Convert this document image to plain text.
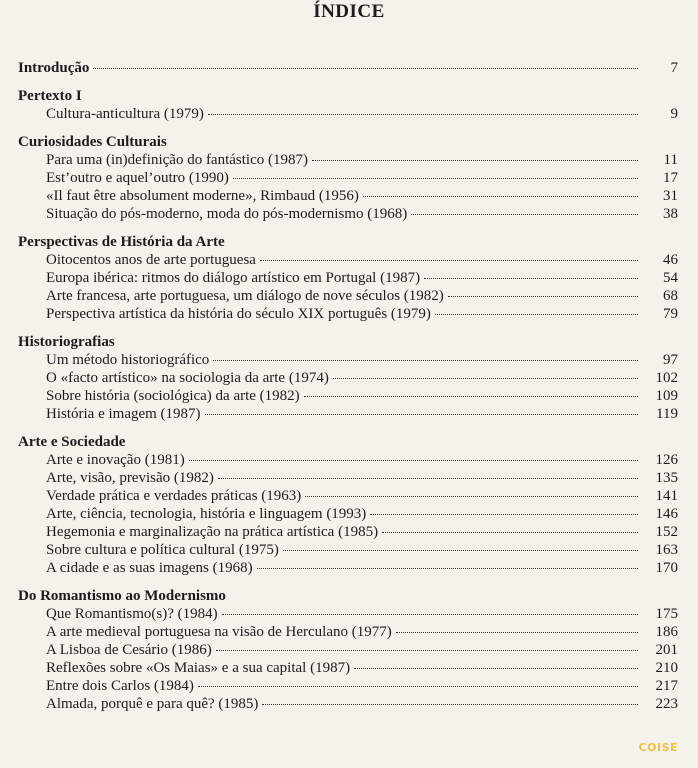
ÍNDICE
Introdução	7
Pertexto I
Cultura-anticultura (1979)	9
Curiosidades Culturais
Para uma (in)definição do fantástico (1987)	11
Est’outro e aquel’outro (1990)	17
«Il faut être absolument moderne», Rimbaud (1956)	31
Situação do pós-moderno, moda do pós-modernismo (1968)	38
Perspectivas de História da Arte
Oitocentos anos de arte portuguesa	46
Europa ibérica: ritmos do diálogo artístico em Portugal (1987)	54
Arte francesa, arte portuguesa, um diálogo de nove séculos (1982)	68
Perspectiva artística da história do século XIX português (1979)	79
Historiografias
Um método historiográfico	97
O «facto artístico» na sociologia da arte (1974)	102
Sobre história (sociológica) da arte (1982)	109
História e imagem (1987)	119
Arte e Sociedade
Arte e inovação (1981)	126
Arte, visão, previsão (1982)	135
Verdade prática e verdades práticas (1963)	141
Arte, ciência, tecnologia, história e linguagem (1993)	146
Hegemonia e marginalização na prática artística (1985)	152
Sobre cultura e política cultural (1975)	163
A cidade e as suas imagens (1968)	170
Do Romantismo ao Modernismo
Que Romantismo(s)? (1984)	175
A arte medieval portuguesa na visão de Herculano (1977)	186
A Lisboa de Cesário (1986)	201
Reflexões sobre «Os Maias» e a sua capital (1987)	210
Entre dois Carlos (1984)	217
Almada, porquê e para quê? (1985)	223
COISE
